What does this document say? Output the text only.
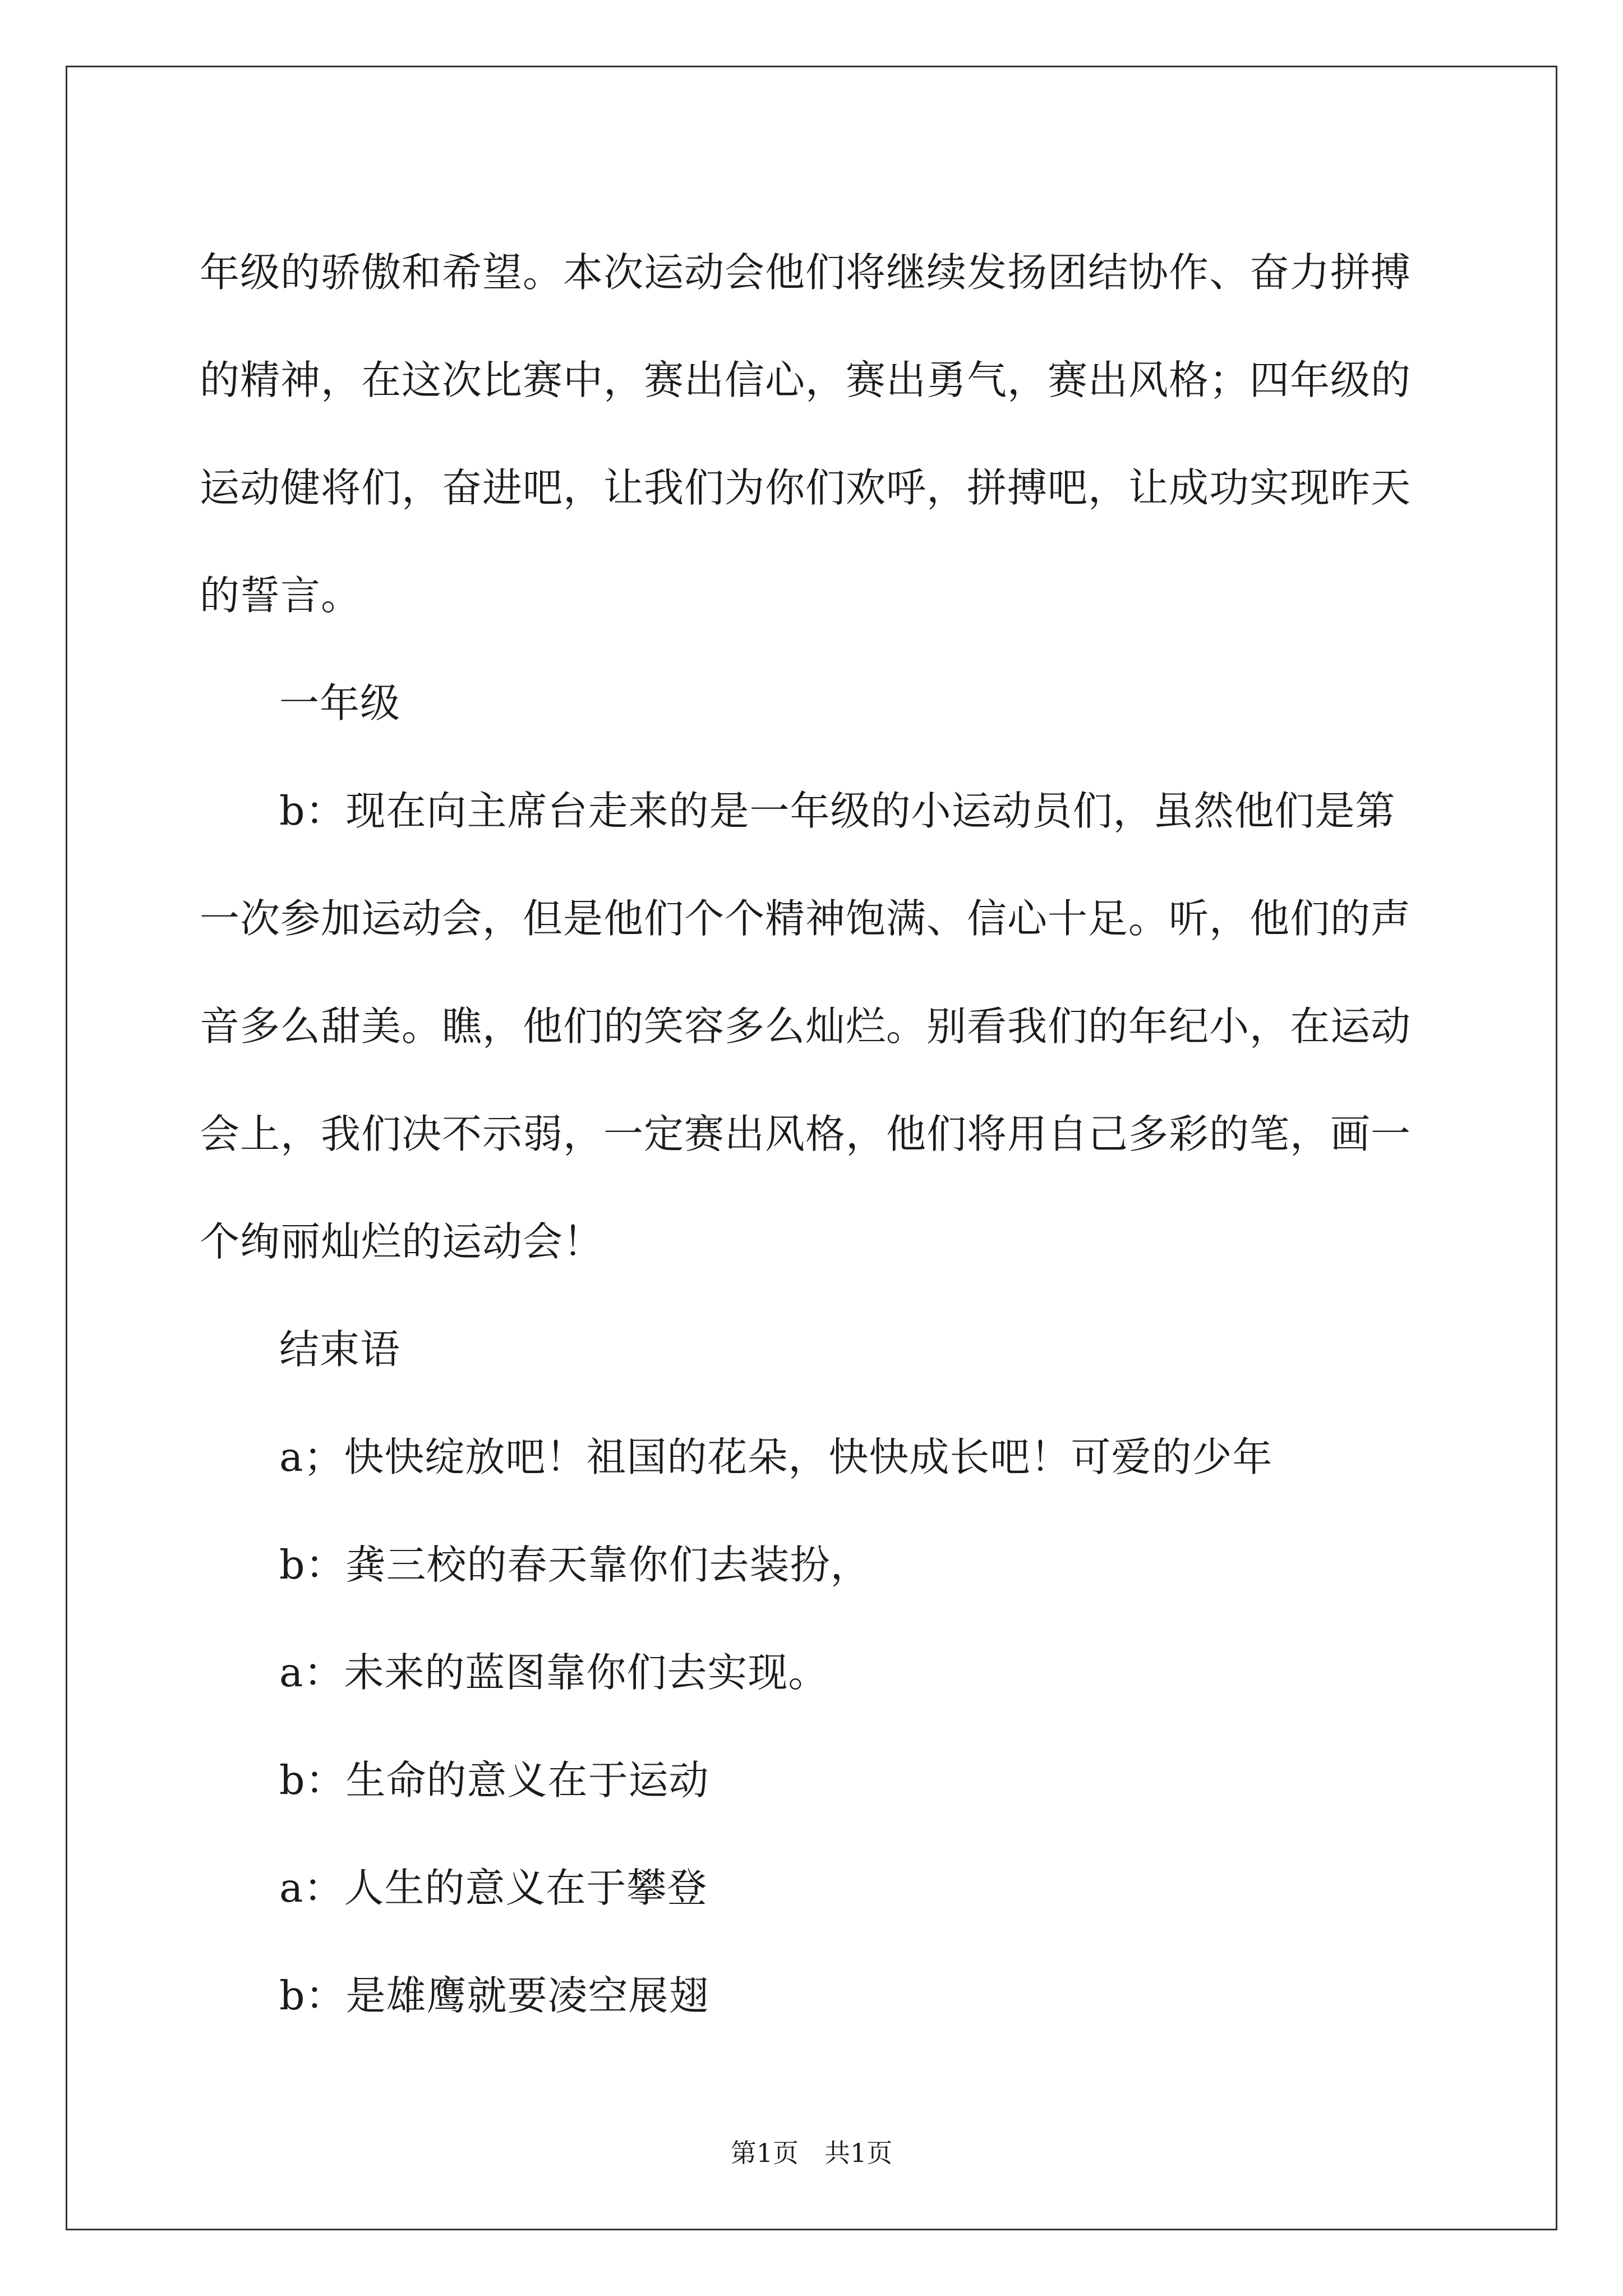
年级的骄傲和希望。本次运动会他们将继续发扬团结协作、奋力拼搏的精神，在这次比赛中，赛出信心，赛出勇气，赛出风格；四年级的运动健将们，奋进吧，让我们为你们欢呼，拼搏吧，让成功实现昨天的誓言。

一年级

b：现在向主席台走来的是一年级的小运动员们，虽然他们是第一次参加运动会，但是他们个个精神饱满、信心十足。听，他们的声音多么甜美。瞧，他们的笑容多么灿烂。别看我们的年纪小，在运动会上，我们决不示弱，一定赛出风格，他们将用自己多彩的笔，画一个绚丽灿烂的运动会！

结束语

a；快快绽放吧！祖国的花朵，快快成长吧！可爱的少年

b：龚三校的春天靠你们去装扮，

a：未来的蓝图靠你们去实现。

b：生命的意义在于运动

a：人生的意义在于攀登

b：是雄鹰就要凌空展翅

第1页　共1页
